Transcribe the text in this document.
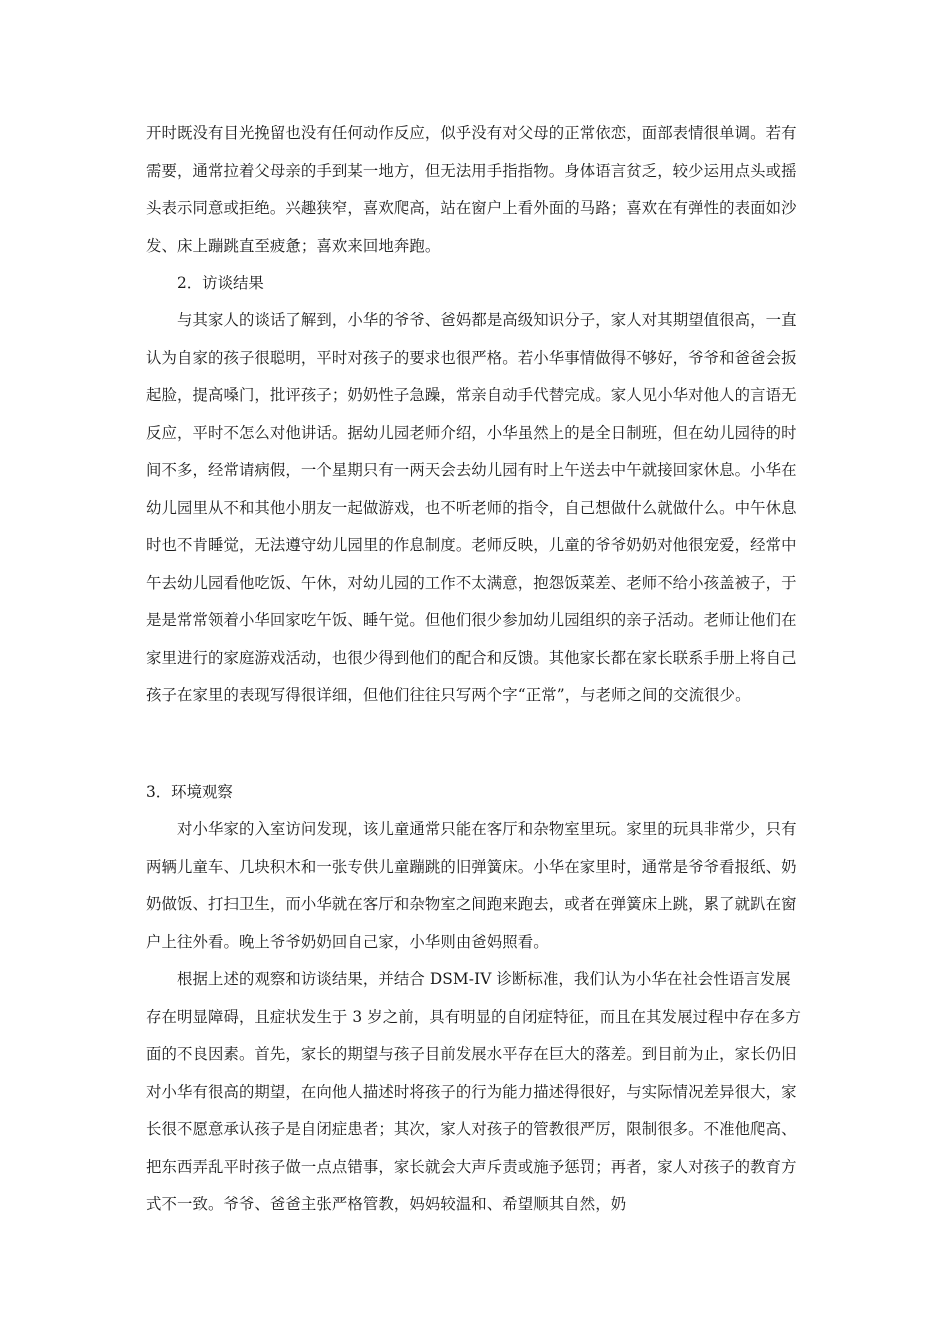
开时既没有目光挽留也没有任何动作反应，似乎没有对父母的正常依恋，面部表情很单调。若有需要，通常拉着父母亲的手到某一地方，但无法用手指指物。身体语言贫乏，较少运用点头或摇头表示同意或拒绝。兴趣狭窄，喜欢爬高，站在窗户上看外面的马路；喜欢在有弹性的表面如沙发、床上蹦跳直至疲惫；喜欢来回地奔跑。

2．访谈结果

与其家人的谈话了解到，小华的爷爷、爸妈都是高级知识分子，家人对其期望值很高，一直认为自家的孩子很聪明，平时对孩子的要求也很严格。若小华事情做得不够好，爷爷和爸爸会扳起脸，提高嗓门，批评孩子；奶奶性子急躁，常亲自动手代替完成。家人见小华对他人的言语无反应，平时不怎么对他讲话。据幼儿园老师介绍，小华虽然上的是全日制班，但在幼儿园待的时间不多，经常请病假，一个星期只有一两天会去幼儿园有时上午送去中午就接回家休息。小华在幼儿园里从不和其他小朋友一起做游戏，也不听老师的指令，自己想做什么就做什么。中午休息时也不肯睡觉，无法遵守幼儿园里的作息制度。老师反映，儿童的爷爷奶奶对他很宠爱，经常中午去幼儿园看他吃饭、午休，对幼儿园的工作不太满意，抱怨饭菜差、老师不给小孩盖被子，于是是常常领着小华回家吃午饭、睡午觉。但他们很少参加幼儿园组织的亲子活动。老师让他们在家里进行的家庭游戏活动，也很少得到他们的配合和反馈。其他家长都在家长联系手册上将自己孩子在家里的表现写得很详细，但他们往往只写两个字“正常”，与老师之间的交流很少。

3．环境观察

对小华家的入室访问发现，该儿童通常只能在客厅和杂物室里玩。家里的玩具非常少，只有两辆儿童车、几块积木和一张专供儿童蹦跳的旧弹簧床。小华在家里时，通常是爷爷看报纸、奶奶做饭、打扫卫生，而小华就在客厅和杂物室之间跑来跑去，或者在弹簧床上跳，累了就趴在窗户上往外看。晚上爷爷奶奶回自己家，小华则由爸妈照看。

根据上述的观察和访谈结果，并结合 DSM-IV 诊断标准，我们认为小华在社会性语言发展存在明显障碍，且症状发生于 3 岁之前，具有明显的自闭症特征，而且在其发展过程中存在多方面的不良因素。首先，家长的期望与孩子目前发展水平存在巨大的落差。到目前为止，家长仍旧对小华有很高的期望，在向他人描述时将孩子的行为能力描述得很好，与实际情况差异很大，家长很不愿意承认孩子是自闭症患者；其次，家人对孩子的管教很严厉，限制很多。不准他爬高、把东西弄乱平时孩子做一点点错事，家长就会大声斥责或施予惩罚；再者，家人对孩子的教育方式不一致。爷爷、爸爸主张严格管教，妈妈较温和、希望顺其自然，奶
